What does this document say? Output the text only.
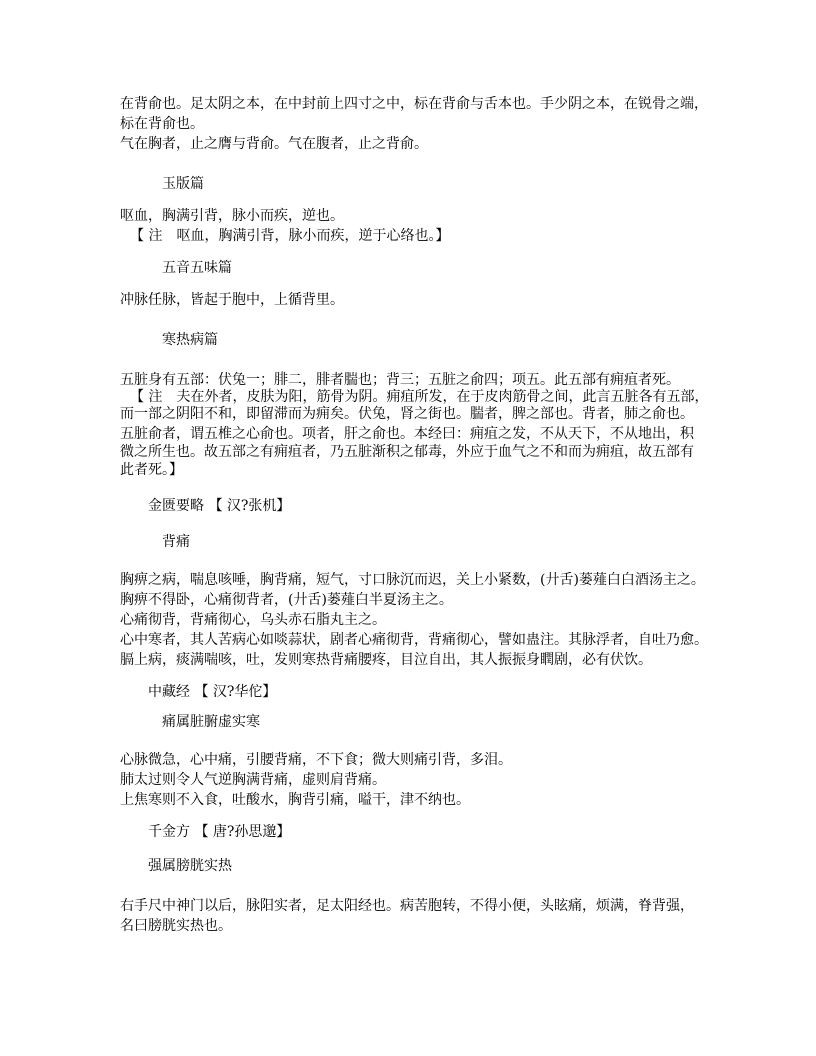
在背俞也。足太阴之本，在中封前上四寸之中，标在背俞与舌本也。手少阴之本，在锐骨之端，
标在背俞也。
气在胸者，止之膺与背俞。气在腹者，止之背俞。
玉版篇
呕血，胸满引背，脉小而疾，逆也。
【 注　呕血，胸满引背，脉小而疾，逆于心络也。】
五音五味篇
冲脉任脉，皆起于胞中，上循背里。
寒热病篇
五脏身有五部：伏兔一；腓二，腓者腨也；背三；五脏之俞四；项五。此五部有痈疽者死。
【 注　夫在外者，皮肤为阳，筋骨为阴。痈疽所发，在于皮肉筋骨之间，此言五脏各有五部，
而一部之阴阳不和，即留滞而为痈矣。伏兔，肾之街也。腨者，脾之部也。背者，肺之俞也。
五脏俞者，谓五椎之心俞也。项者，肝之俞也。本经曰：痈疽之发，不从天下，不从地出，积
微之所生也。故五部之有痈疽者，乃五脏渐积之郁毒，外应于血气之不和而为痈疽，故五部有
此者死。】
金匮要略 【 汉?张机】
背痛
胸痹之病，喘息咳唾，胸背痛，短气，寸口脉沉而迟，关上小紧数，(廾舌)蒌薤白白酒汤主之。
胸痹不得卧，心痛彻背者，(廾舌)蒌薤白半夏汤主之。
心痛彻背，背痛彻心，乌头赤石脂丸主之。
心中寒者，其人苦病心如啖蒜状，剧者心痛彻背，背痛彻心，譬如蛊注。其脉浮者，自吐乃愈。
膈上病，痰满喘咳，吐，发则寒热背痛腰疼，目泣自出，其人振振身瞤剧，必有伏饮。
中藏经 【 汉?华佗】
痛属脏腑虚实寒
心脉微急，心中痛，引腰背痛，不下食；微大则痛引背，多泪。
肺太过则令人气逆胸满背痛，虚则肩背痛。
上焦寒则不入食，吐酸水，胸背引痛，嗌干，津不纳也。
千金方 【 唐?孙思邈】
强属膀胱实热
右手尺中神门以后，脉阳实者，足太阳经也。病苦胞转，不得小便，头眩痛，烦满，脊背强，
名曰膀胱实热也。
